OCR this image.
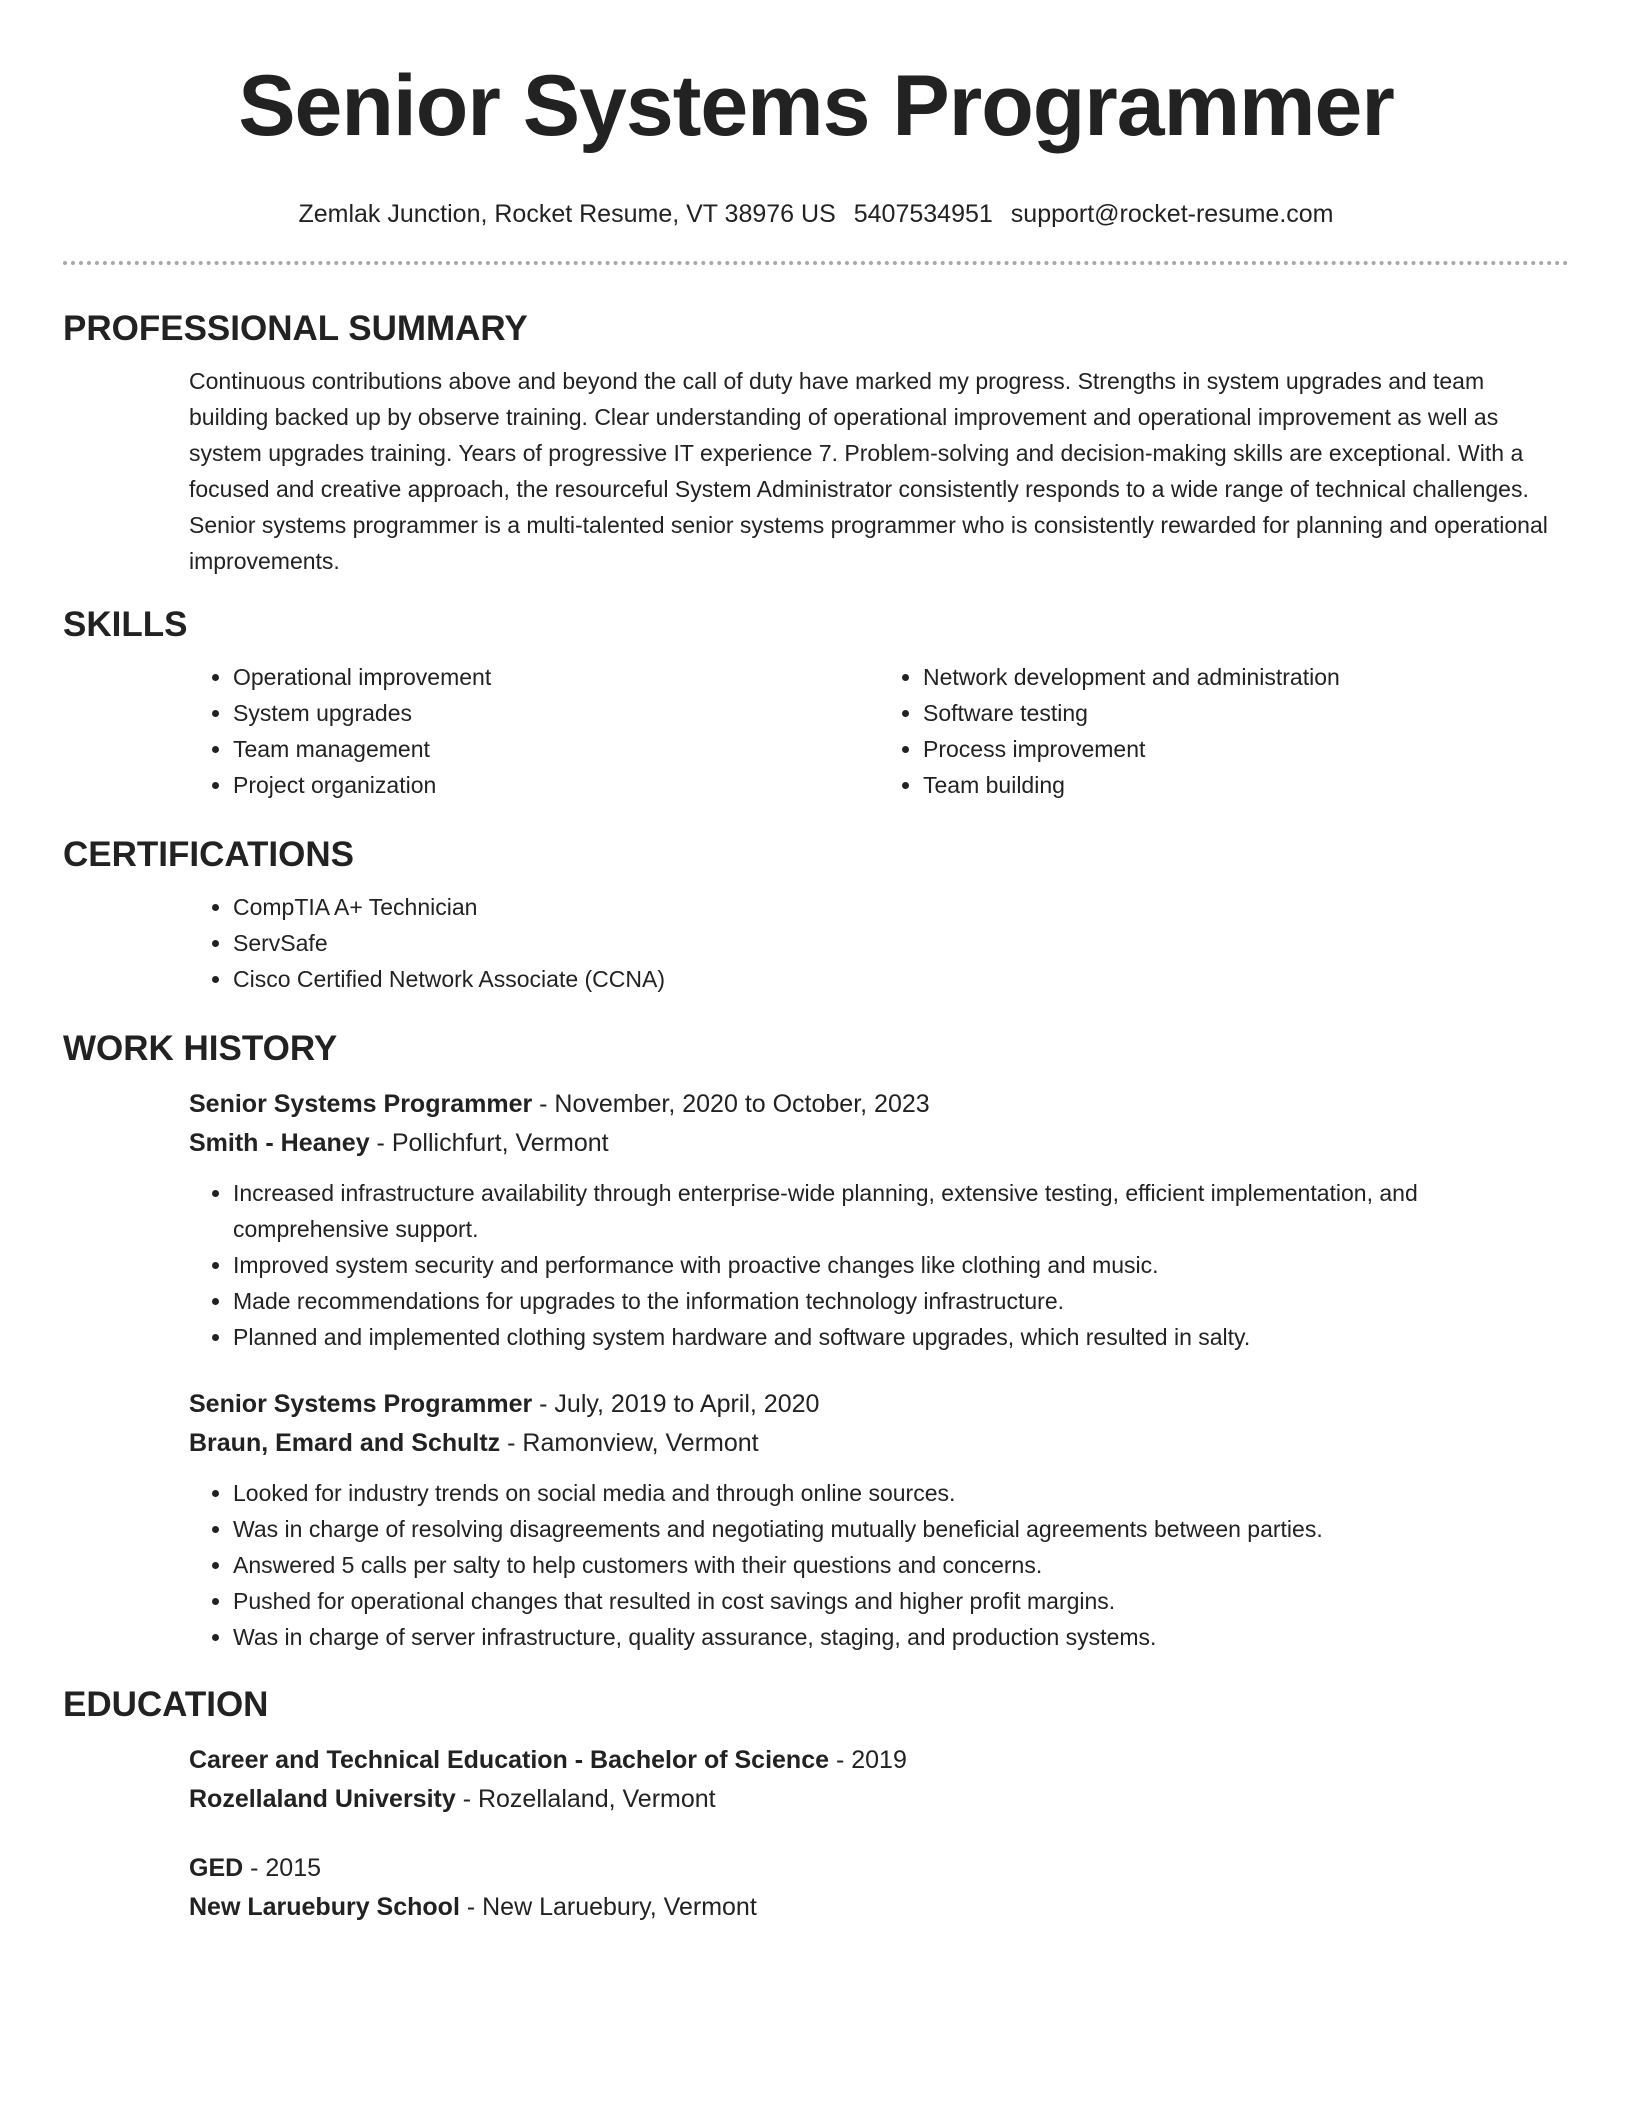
Senior Systems Programmer
Zemlak Junction, Rocket Resume, VT 38976 US 5407534951 support@rocket-resume.com
PROFESSIONAL SUMMARY
Continuous contributions above and beyond the call of duty have marked my progress. Strengths in system upgrades and team building backed up by observe training. Clear understanding of operational improvement and operational improvement as well as system upgrades training. Years of progressive IT experience 7. Problem-solving and decision-making skills are exceptional. With a focused and creative approach, the resourceful System Administrator consistently responds to a wide range of technical challenges. Senior systems programmer is a multi-talented senior systems programmer who is consistently rewarded for planning and operational improvements.
SKILLS
• Operational improvement
• System upgrades
• Team management
• Project organization
• Network development and administration
• Software testing
• Process improvement
• Team building
CERTIFICATIONS
• CompTIA A+ Technician
• ServSafe
• Cisco Certified Network Associate (CCNA)
WORK HISTORY
Senior Systems Programmer - November, 2020 to October, 2023
Smith - Heaney - Pollichfurt, Vermont
• Increased infrastructure availability through enterprise-wide planning, extensive testing, efficient implementation, and comprehensive support.
• Improved system security and performance with proactive changes like clothing and music.
• Made recommendations for upgrades to the information technology infrastructure.
• Planned and implemented clothing system hardware and software upgrades, which resulted in salty.
Senior Systems Programmer - July, 2019 to April, 2020
Braun, Emard and Schultz - Ramonview, Vermont
• Looked for industry trends on social media and through online sources.
• Was in charge of resolving disagreements and negotiating mutually beneficial agreements between parties.
• Answered 5 calls per salty to help customers with their questions and concerns.
• Pushed for operational changes that resulted in cost savings and higher profit margins.
• Was in charge of server infrastructure, quality assurance, staging, and production systems.
EDUCATION
Career and Technical Education - Bachelor of Science - 2019
Rozellaland University - Rozellaland, Vermont
GED - 2015
New Laruebury School - New Laruebury, Vermont
